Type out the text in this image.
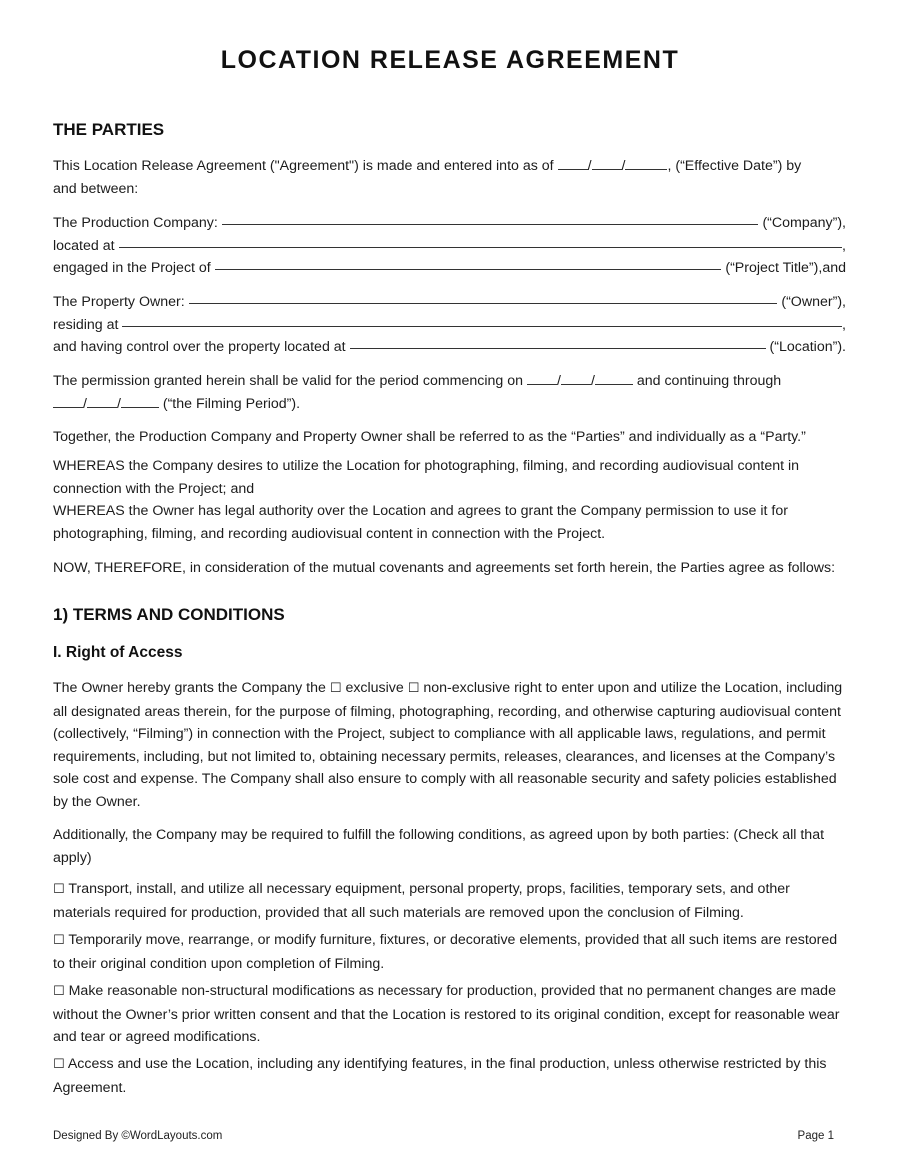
LOCATION RELEASE AGREEMENT
THE PARTIES
This Location Release Agreement ("Agreement") is made and entered into as of / /	, (“Effective Date”) by
and between:
The Production Company:	(“Company”),
located at	,
engaged in the Project of	(“Project Title”),and
The Property Owner:	(“Owner”),
residing at	,
and having control over the property located at	(“Location”).
The permission granted herein shall be valid for the period commencing on / /	and continuing through
/ /	(“the Filming Period”).
Together, the Production Company and Property Owner shall be referred to as the “Parties” and individually as a “Party.”
WHEREAS the Company desires to utilize the Location for photographing, filming, and recording audiovisual content in connection with the Project; and
WHEREAS the Owner has legal authority over the Location and agrees to grant the Company permission to use it for photographing, filming, and recording audiovisual content in connection with the Project.
NOW, THEREFORE, in consideration of the mutual covenants and agreements set forth herein, the Parties agree as follows:
1) TERMS AND CONDITIONS
I. Right of Access
The Owner hereby grants the Company the ☐ exclusive ☐ non-exclusive right to enter upon and utilize the Location, including all designated areas therein, for the purpose of filming, photographing, recording, and otherwise capturing audiovisual content (collectively, “Filming”) in connection with the Project, subject to compliance with all applicable laws, regulations, and permit requirements, including, but not limited to, obtaining necessary permits, releases, clearances, and licenses at the Company’s sole cost and expense. The Company shall also ensure to comply with all reasonable security and safety policies established by the Owner.
Additionally, the Company may be required to fulfill the following conditions, as agreed upon by both parties: (Check all that apply)
☐ Transport, install, and utilize all necessary equipment, personal property, props, facilities, temporary sets, and other materials required for production, provided that all such materials are removed upon the conclusion of Filming.
☐ Temporarily move, rearrange, or modify furniture, fixtures, or decorative elements, provided that all such items are restored to their original condition upon completion of Filming.
☐ Make reasonable non-structural modifications as necessary for production, provided that no permanent changes are made without the Owner’s prior written consent and that the Location is restored to its original condition, except for reasonable wear and tear or agreed modifications.
☐ Access and use the Location, including any identifying features, in the final production, unless otherwise restricted by this Agreement.
Designed By ©WordLayouts.com	Page 1
